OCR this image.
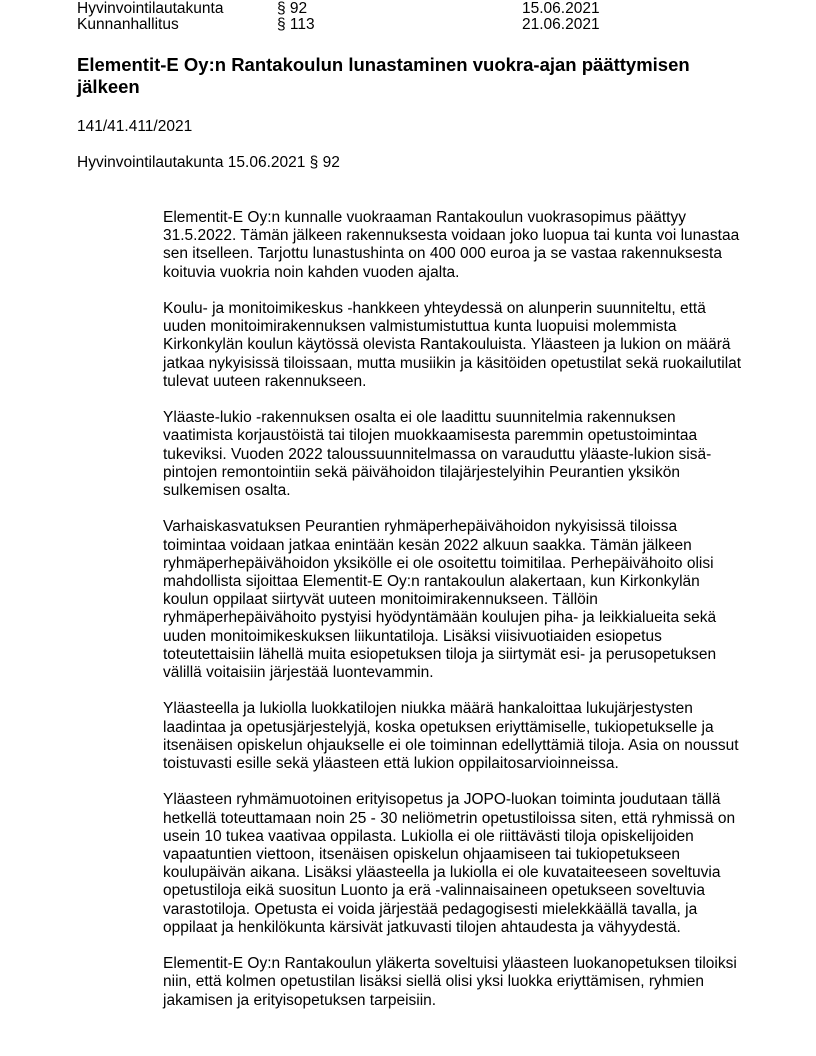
Hyvinvointilautakunta	§ 92	15.06.2021
Kunnanhallitus	§ 113	21.06.2021
Elementit-E Oy:n Rantakoulun lunastaminen vuokra-ajan päättymisen jälkeen
141/41.411/2021
Hyvinvointilautakunta 15.06.2021 § 92

Elementit-E Oy:n kunnalle vuokraaman Rantakoulun vuokrasopimus päättyy 31.5.2022. Tämän jälkeen rakennuksesta voidaan joko luopua tai kunta voi lunastaa sen itselleen. Tarjottu lunastushinta on 400 000 euroa ja se vastaa rakennuksesta koituvia vuokria noin kahden vuoden ajalta.

Koulu- ja monitoimikeskus -hankkeen yhteydessä on alunperin suunniteltu, että uuden monitoimirakennuksen valmistumistuttua kunta luopuisi molemmista Kirkonkylän koulun käytössä olevista Rantakouluista. Yläasteen ja lukion on määrä jatkaa nykyisissä tiloissaan, mutta musiikin ja käsitöiden opetustilat sekä ruokailutilat tulevat uuteen rakennukseen.

Yläaste-lukio -rakennuksen osalta ei ole laadittu suunnitelmia rakennuksen vaatimista korjaustöistä tai tilojen muokkaamisesta paremmin opetustoimintaa tukeviksi. Vuoden 2022 taloussuunnitelmassa on varauduttu yläaste-lukion sisä-pintojen remontointiin sekä päivähoidon tilajärjestelyihin Peurantien yksikön sulkemisen osalta.

Varhaiskasvatuksen Peurantien ryhmäperhepäivähoidon nykyisissä tiloissa toimintaa voidaan jatkaa enintään kesän 2022 alkuun saakka. Tämän jälkeen ryhmäperhepäivähoidon yksikölle ei ole osoitettu toimitilaa. Perhepäivähoito olisi mahdollista sijoittaa Elementit-E Oy:n rantakoulun alakertaan, kun Kirkonkylän koulun oppilaat siirtyvät uuteen monitoimirakennukseen. Tällöin ryhmäperhepäivähoito pystyisi hyödyntämään koulujen piha- ja leikkialueita sekä uuden monitoimikeskuksen liikuntatiloja. Lisäksi viisivuotiaiden esiopetus toteutettaisiin lähellä muita esiopetuksen tiloja ja siirtymät esi- ja perusopetuksen välillä voitaisiin järjestää luontevammin.

Yläasteella ja lukiolla luokkatilojen niukka määrä hankaloittaa lukujärjestysten laadintaa ja opetusjärjestelyjä, koska opetuksen eriyttämiselle, tukiopetukselle ja itsenäisen opiskelun ohjaukselle ei ole toiminnan edellyttämiä tiloja. Asia on noussut toistuvasti esille sekä yläasteen että lukion oppilaitosarvioinneissa.

Yläasteen ryhmämuotoinen erityisopetus ja JOPO-luokan toiminta joudutaan tällä hetkellä toteuttamaan noin 25 - 30 neliömetrin opetustiloissa siten, että ryhmissä on usein 10 tukea vaativaa oppilasta. Lukiolla ei ole riittävästi tiloja opiskelijoiden vapaatuntien viettoon, itsenäisen opiskelun ohjaamiseen tai tukiopetukseen koulupäivän aikana. Lisäksi yläasteella ja lukiolla ei ole kuvataiteeseen soveltuvia opetustiloja eikä suositun Luonto ja erä -valinnaisaineen opetukseen soveltuvia varastotiloja. Opetusta ei voida järjestää pedagogisesti mielekkäällä tavalla, ja oppilaat ja henkilökunta kärsivät jatkuvasti tilojen ahtaudesta ja vähyydestä.

Elementit-E Oy:n Rantakoulun yläkerta soveltuisi yläasteen luokanopetuksen tiloiksi niin, että kolmen opetustilan lisäksi siellä olisi yksi luokka eriyttämisen, ryhmien jakamisen ja erityisopetuksen tarpeisiin.
